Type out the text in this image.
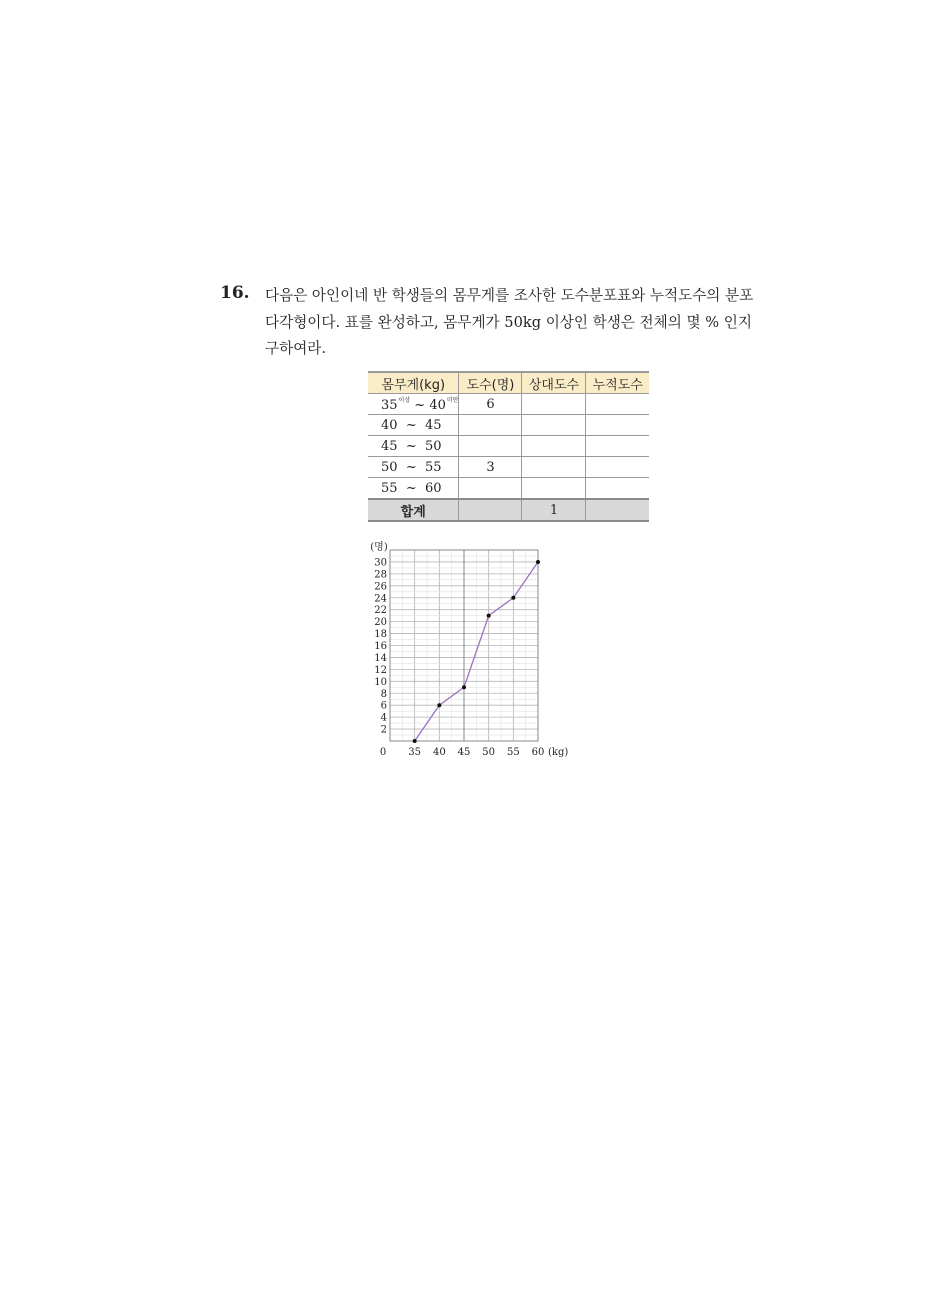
16. 다음은 아인이네 반 학생들의 몸무게를 조사한 도수분포표와 누적도수의 분포다각형이다. 표를 완성하고, 몸무게가 50kg 이상인 학생은 전체의 몇 % 인지 구하여라.
몸무게(kg)	도수(명)	상대도수	누적도수
$35^{이상}$ ~ $40^{미만}$	6		
40 ~ 45			
45 ~ 50			
50 ~ 55	3		
55 ~ 60			
합계		1	
2
4
6
8
10
12
14
16
18
20
22
24
26
28
30
35 40 45 50 55 60
0
(명)
(kg)
